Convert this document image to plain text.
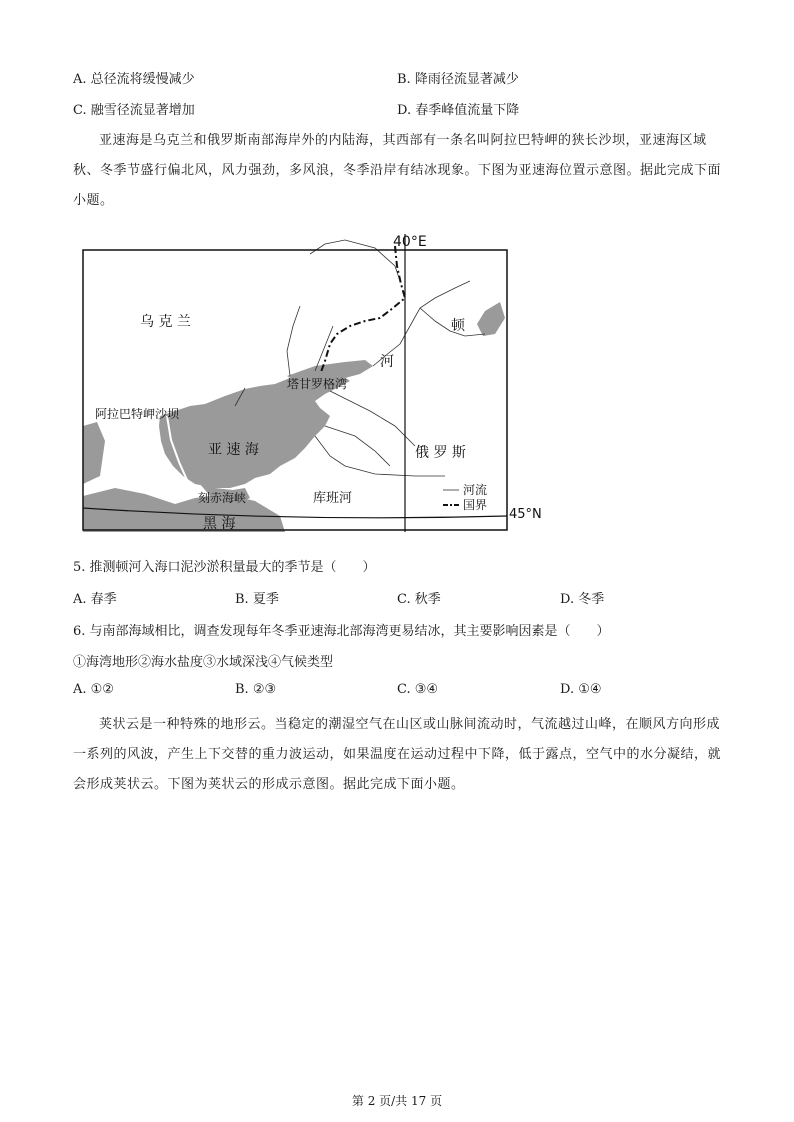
A. 总径流将缓慢减少	B. 降雨径流显著减少
C. 融雪径流显著增加	D. 春季峰值流量下降
亚速海是乌克兰和俄罗斯南部海岸外的内陆海，其西部有一条名叫阿拉巴特岬的狭长沙坝，亚速海区域秋、冬季节盛行偏北风，风力强劲，多风浪，冬季沿岸有结冰现象。下图为亚速海位置示意图。据此完成下面小题。
河流
国界
40°E
45°N
乌 克 兰
俄 罗 斯
顿
河
塔甘罗格湾
阿拉巴特岬沙坝
亚 速 海
刻赤海峡	库班河
黑 海
5. 推测顿河入海口泥沙淤积量最大的季节是（　　）
A. 春季	B. 夏季	C. 秋季	D. 冬季
6. 与南部海域相比，调查发现每年冬季亚速海北部海湾更易结冰，其主要影响因素是（　　）
①海湾地形②海水盐度③水域深浅④气候类型
A. ①②	B. ②③	C. ③④	D. ①④
荚状云是一种特殊的地形云。当稳定的潮湿空气在山区或山脉间流动时，气流越过山峰，在顺风方向形成一系列的风波，产生上下交替的重力波运动，如果温度在运动过程中下降，低于露点，空气中的水分凝结，就会形成荚状云。下图为荚状云的形成示意图。据此完成下面小题。
第 2 页/共 17 页
